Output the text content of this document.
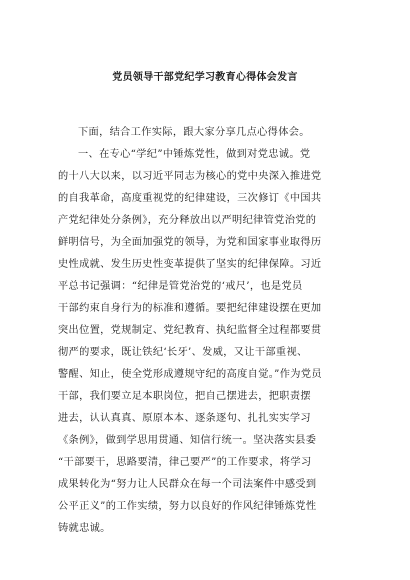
党员领导干部党纪学习教育心得体会发言
下面，结合工作实际，跟大家分享几点心得体会。
一、在专心“学纪”中锤炼党性，做到对党忠诚。党
的十八大以来，以习近平同志为核心的党中央深入推进党
的自我革命，高度重视党的纪律建设，三次修订《中国共
产党纪律处分条例》，充分释放出以严明纪律管党治党的
鲜明信号，为全面加强党的领导，为党和国家事业取得历
史性成就、发生历史性变革提供了坚实的纪律保障。习近
平总书记强调：“纪律是管党治党的‘戒尺’，也是党员
干部约束自身行为的标准和遵循。要把纪律建设摆在更加
突出位置，党规制定、党纪教育、执纪监督全过程都要贯
彻严的要求，既让铁纪‘长牙’、发威，又让干部重视、
警醒、知止，使全党形成遵规守纪的高度自觉。”作为党员
干部，我们要立足本职岗位，把自己摆进去，把职责摆
进去，认认真真、原原本本、逐条逐句、扎扎实实学习
《条例》，做到学思用贯通、知信行统一。坚决落实县委
“干部要干，思路要清，律己要严”的工作要求，将学习
成果转化为“努力让人民群众在每一个司法案件中感受到
公平正义”的工作实绩，努力以良好的作风纪律锤炼党性
铸就忠诚。
